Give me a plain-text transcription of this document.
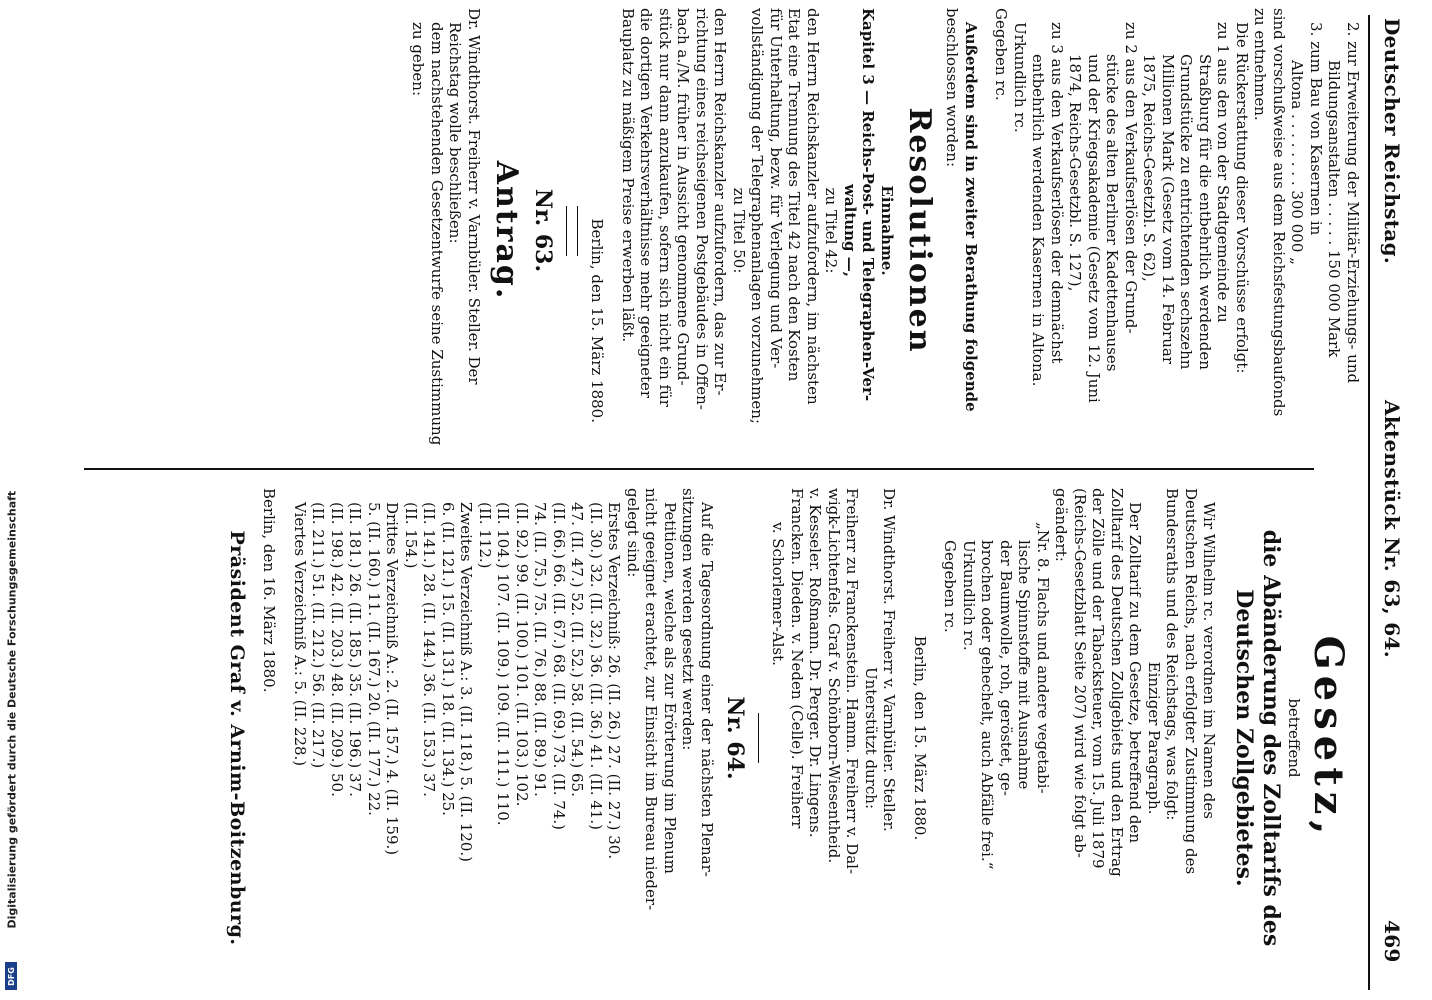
Deutscher Reichstag.
Aktenstück Nr. 63, 64.
469

2. zur Erweiterung der Militär-Erziehungs- und

Bildungsanstalten . . . . . 150 000 Mark

3. zum Bau von Kasernen in

Altona . . . . . . . . 300 000 „

sind vorschußweise aus dem Reichsfestungsbaufonds

zu entnehmen.

Die Rückerstattung dieser Vorschüsse erfolgt:

zu 1 aus den von der Stadtgemeinde zu

Straßburg für die entbehrlich werdenden

Grundstücke zu entrichtenden sechszehn

Millionen Mark (Gesetz vom 14. Februar

1875, Reichs-Gesetzbl. S. 62),

zu 2 aus den Verkaufserlösen der Grund-

stücke des alten Berliner Kadettenhauses

und der Kriegsakademie (Gesetz vom 12. Juni

1874, Reichs-Gesetzbl. S. 127),

zu 3 aus den Verkaufserlösen der demnächst

entbehrlich werdenden Kasernen in Altona.

Urkundlich rc.

Gegeben rc.

Außerdem sind in zweiter Berathung folgende

beschlossen worden:

Resolutionen

Einnahme.

Kapitel 3 — Reichs-Post- und Telegraphen-Ver-

waltung —,

zu Titel 42:

den Herrn Reichskanzler aufzufordern, im nächsten

Etat eine Trennung des Titel 42 nach den Kosten

für Unterhaltung, bezw. für Verlegung und Ver-

vollständigung der Telegraphenanlagen vorzunehmen;

zu Titel 50:

den Herrn Reichskanzler aufzufordern, das zur Er-

richtung eines reichseigenen Postgebäudes in Offen-

bach a./M. früher in Aussicht genommene Grund-

stück nur dann anzukaufen, sofern sich nicht ein für

die dortigen Verkehrsverhältnisse mehr geeigneter

Bauplatz zu mäßigem Preise erwerben läßt.

Berlin, den 15. März 1880.

Nr. 63.
Antrag.

Dr. Windthorst. Freiherr v. Varnbüler. Steller. Der

Reichstag wolle beschließen:

dem nachstehenden Gesetzentwurfe seine Zustimmung

zu geben:

Gesetz,

betreffend

die Abänderung des Zolltarifs des
Deutschen Zollgebietes.

Wir Wilhelm rc. verordnen im Namen des

Deutschen Reichs, nach erfolgter Zustimmung des

Bundesraths und des Reichstags, was folgt:

Einziger Paragraph.

Der Zolltarif zu dem Gesetze, betreffend den

Zolltarif des Deutschen Zollgebiets und den Ertrag

der Zölle und der Tabacksteuer, vom 15. Juli 1879

(Reichs-Gesetzblatt Seite 207) wird wie folgt ab-

geändert:

„Nr. 8. Flachs und andere vegetabi-

lische Spinnstoffe mit Ausnahme

der Baumwolle, roh, geröstet, ge-

brochen oder gehechelt, auch Abfälle frei.“

Urkundlich rc.

Gegeben rc.

Berlin, den 15. März 1880.

Dr. Windthorst. Freiherr v. Varnbüler. Steller.

Unterstützt durch:

Freiherr zu Franckenstein. Hamm. Freiherr v. Dal-

wigk-Lichtenfels. Graf v. Schönborn-Wiesentheid.

v. Kesseler. Roßmann. Dr. Perger. Dr. Lingens.

Francken. Dieden. v. Neden (Celle). Freiherr

v. Schorlemer-Alst.

Nr. 64.

Auf die Tagesordnung einer der nächsten Plenar-

sitzungen werden gesetzt werden:

Petitionen, welche als zur Erörterung im Plenum

nicht geeignet erachtet, zur Einsicht im Bureau nieder-

gelegt sind:

Erstes Verzeichniß: 26. (II. 26.) 27. (II. 27.) 30.

(II. 30.) 32. (II. 32.) 36. (II. 36.) 41. (II. 41.)

47. (II. 47.) 52. (II. 52.) 58. (II. 54.) 65.

(II. 66.) 66. (II. 67.) 68. (II. 69.) 73. (II. 74.)

74. (II. 75.) 75. (II. 76.) 88. (II. 89.) 91.

(II. 92.) 99. (II. 100.) 101. (II. 103.) 102.

(II. 104.) 107. (II. 109.) 109. (II. 111.) 110.

(II. 112.)

Zweites Verzeichniß A.: 3. (II. 118.) 5. (II. 120.)

6. (II. 121.) 15. (II. 131.) 18. (II. 134.) 25.

(II. 141.) 28. (II. 144.) 36. (II. 153.) 37.

(II. 154.)

Drittes Verzeichniß A.: 2. (II. 157.) 4. (II. 159.)

5. (II. 160.) 11. (II. 167.) 20. (II. 177.) 22.

(II. 181.) 26. (II. 185.) 35. (II. 196.) 37.

(II. 198.) 42. (II. 203.) 48. (II. 209.) 50.

(II. 211.) 51. (II. 212.) 56. (II. 217.)

Viertes Verzeichniß A.: 5. (II. 228.)

Berlin, den 16. März 1880.

Präsident Graf v. Arnim-Boitzenburg.
Digitalisierung gefördert durch die Deutsche Forschungsgemeinschaft
DFG
